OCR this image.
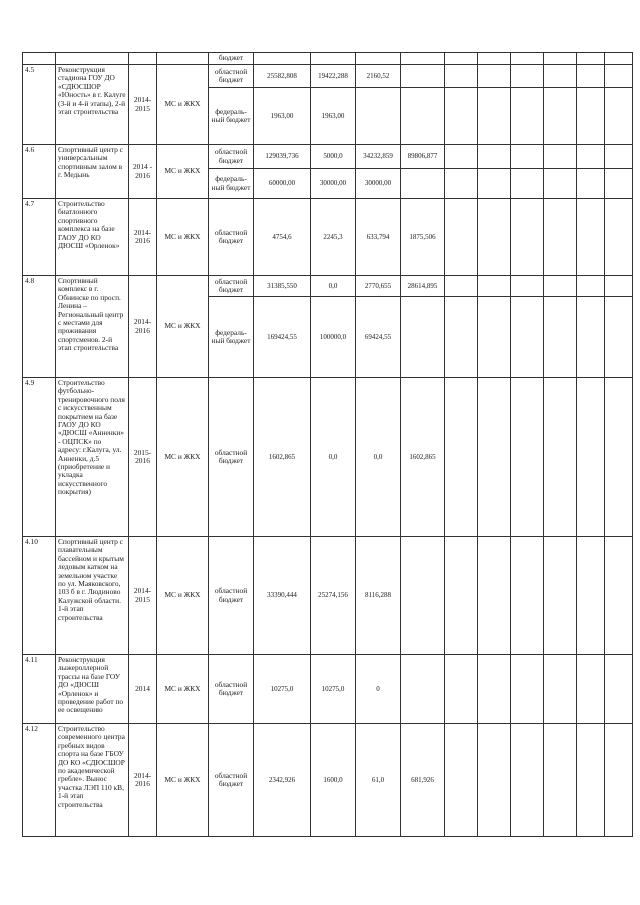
				бюджет										
4.5	Реконструкция стадиона ГОУ ДО «СДЮСШОР «Юность» в г. Калуге (3-й и 4-й этапы), 2-й этап строительства	2014-2015	МС и ЖКХ	областной бюджет	25582,808	19422,288	2160,52							
				федераль-ный бюджет	1963,00	1963,00								
4.6	Спортивный центр с универсальным спортивным залом в г. Медынь	2014 - 2016	МС и ЖКХ	областной бюджет	129039,736	5000,0	34232,859	89806,877						
				федераль-ный бюджет	60000,00	30000,00	30000,00							
4.7	Строительство биатлонного спортивного комплекса на базе ГАОУ ДО КО ДЮСШ «Орленок»	2014-2016	МС и ЖКХ	областной бюджет	4754,6	2245,3	633,794	1875,506						
4.8	Спортивный комплекс в г. Обнинске по просп. Ленина – Региональный центр с местами для проживания спортсменов. 2-й этап строительства	2014-2016	МС и ЖКХ	областной бюджет	31385,550	0,0	2770,655	28614,895						
				федераль-ный бюджет	169424,55	100000,0	69424,55							
4.9	Строительство футбольно-тренировочного поля с искусственным покрытием на базе ГАОУ ДО КО «ДЮСШ «Анненки» - ОЦПСК» по адресу: г.Калуга, ул. Анненки, д.5 (приобретение и укладка искусственного покрытия)	2015-2016	МС и ЖКХ	областной бюджет	1602,865	0,0	0,0	1602,865						
4.10	Спортивный центр с плавательным бассейном и крытым ледовым катком на земельном участке по ул. Маяковского, 103 б в г. Людиново Калужской области. 1-й этап строительства	2014-2015	МС и ЖКХ	областной бюджет	33390,444	25274,156	8116,288							
4.11	Реконструкция лыжероллерной трассы на базе ГОУ ДО «ДЮСШ «Орленок» и проведение работ по ее освещению	2014	МС и ЖКХ	областной бюджет	10275,0	10275,0	0							
4.12	Строительство современного центра гребных видов спорта на базе ГБОУ ДО КО «СДЮСШОР по академической гребле». Вынос участка ЛЭП 110 кВ, 1-й этап строительства	2014-2016	МС и ЖКХ	областной бюджет	2342,926	1600,0	61,0	681,926						
